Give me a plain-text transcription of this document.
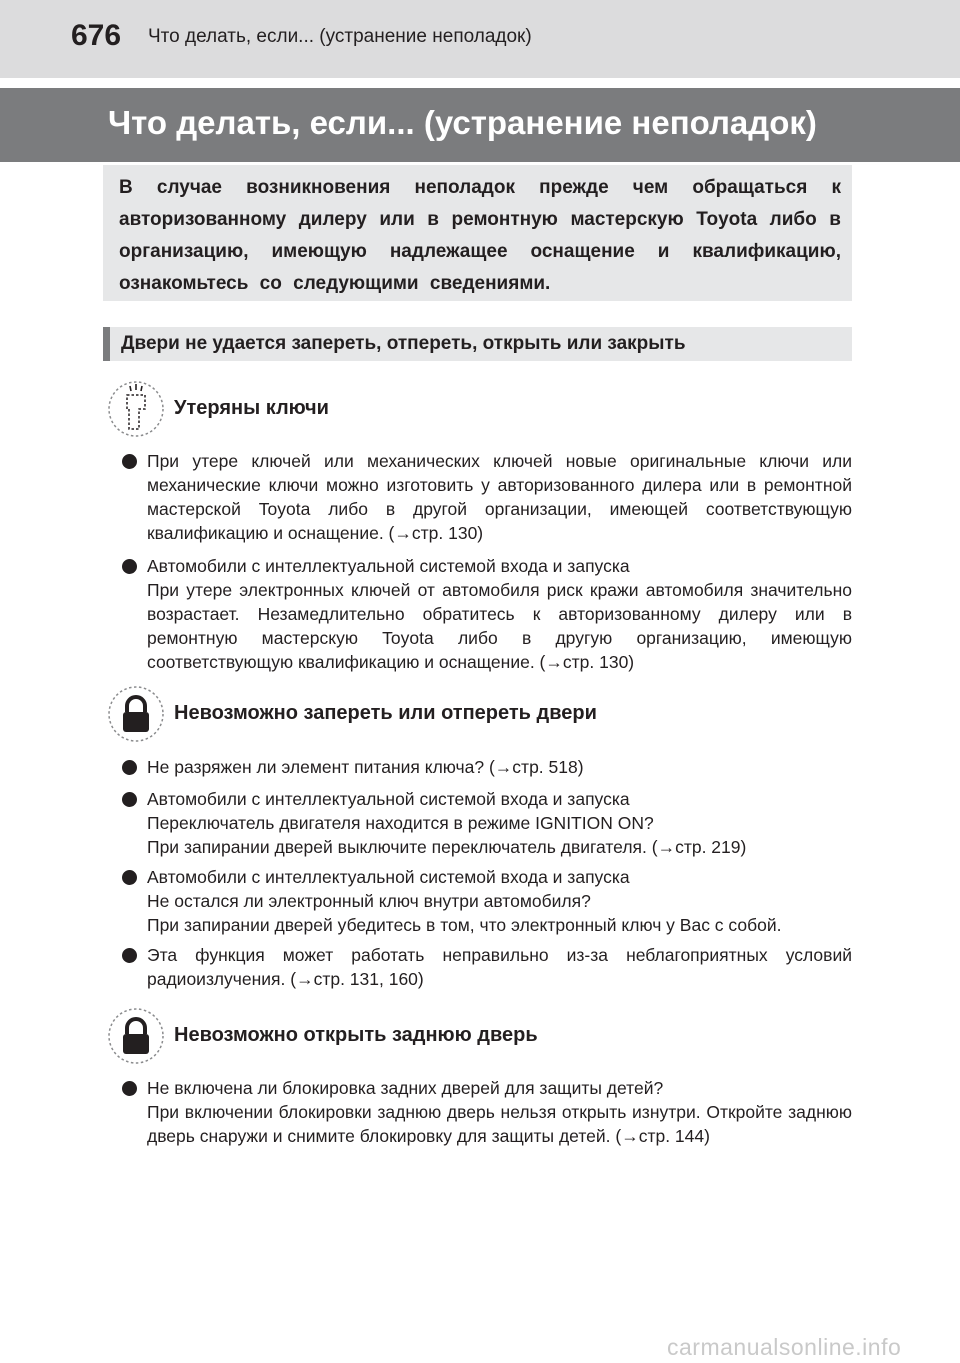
676 Что делать, если... (устранение неполадок)
Что делать, если... (устранение неполадок)

В случае возникновения неполадок прежде чем обращаться к авторизованному дилеру или в ремонтную мастерскую Toyota либо в организацию, имеющую надлежащее оснащение и квалификацию, ознакомьтесь со следующими сведениями.

Двери не удается запереть, отпереть, открыть или закрыть
Утеряны ключи
При утере ключей или механических ключей новые оригинальные ключи или механические ключи можно изготовить у авторизованного дилера или в ремонтной мастерской Toyota либо в другой организации, имеющей соответствующую квалификацию и оснащение. (→стр. 130)
Автомобили с интеллектуальной системой входа и запуска
При утере электронных ключей от автомобиля риск кражи автомобиля значительно возрастает. Незамедлительно обратитесь к авторизованному дилеру или в ремонтную мастерскую Toyota либо в другую организацию, имеющую соответствующую квалификацию и оснащение. (→стр. 130)
Невозможно запереть или отпереть двери
Не разряжен ли элемент питания ключа? (→стр. 518)
Автомобили с интеллектуальной системой входа и запуска
Переключатель двигателя находится в режиме IGNITION ON?
При запирании дверей выключите переключатель двигателя. (→стр. 219)
Автомобили с интеллектуальной системой входа и запуска
Не остался ли электронный ключ внутри автомобиля?
При запирании дверей убедитесь в том, что электронный ключ у Вас с собой.
Эта функция может работать неправильно из-за неблагоприятных условий радиоизлучения. (→стр. 131, 160)
Невозможно открыть заднюю дверь
Не включена ли блокировка задних дверей для защиты детей?
При включении блокировки заднюю дверь нельзя открыть изнутри. Откройте заднюю дверь снаружи и снимите блокировку для защиты детей. (→стр. 144)
carmanualsonline.info
